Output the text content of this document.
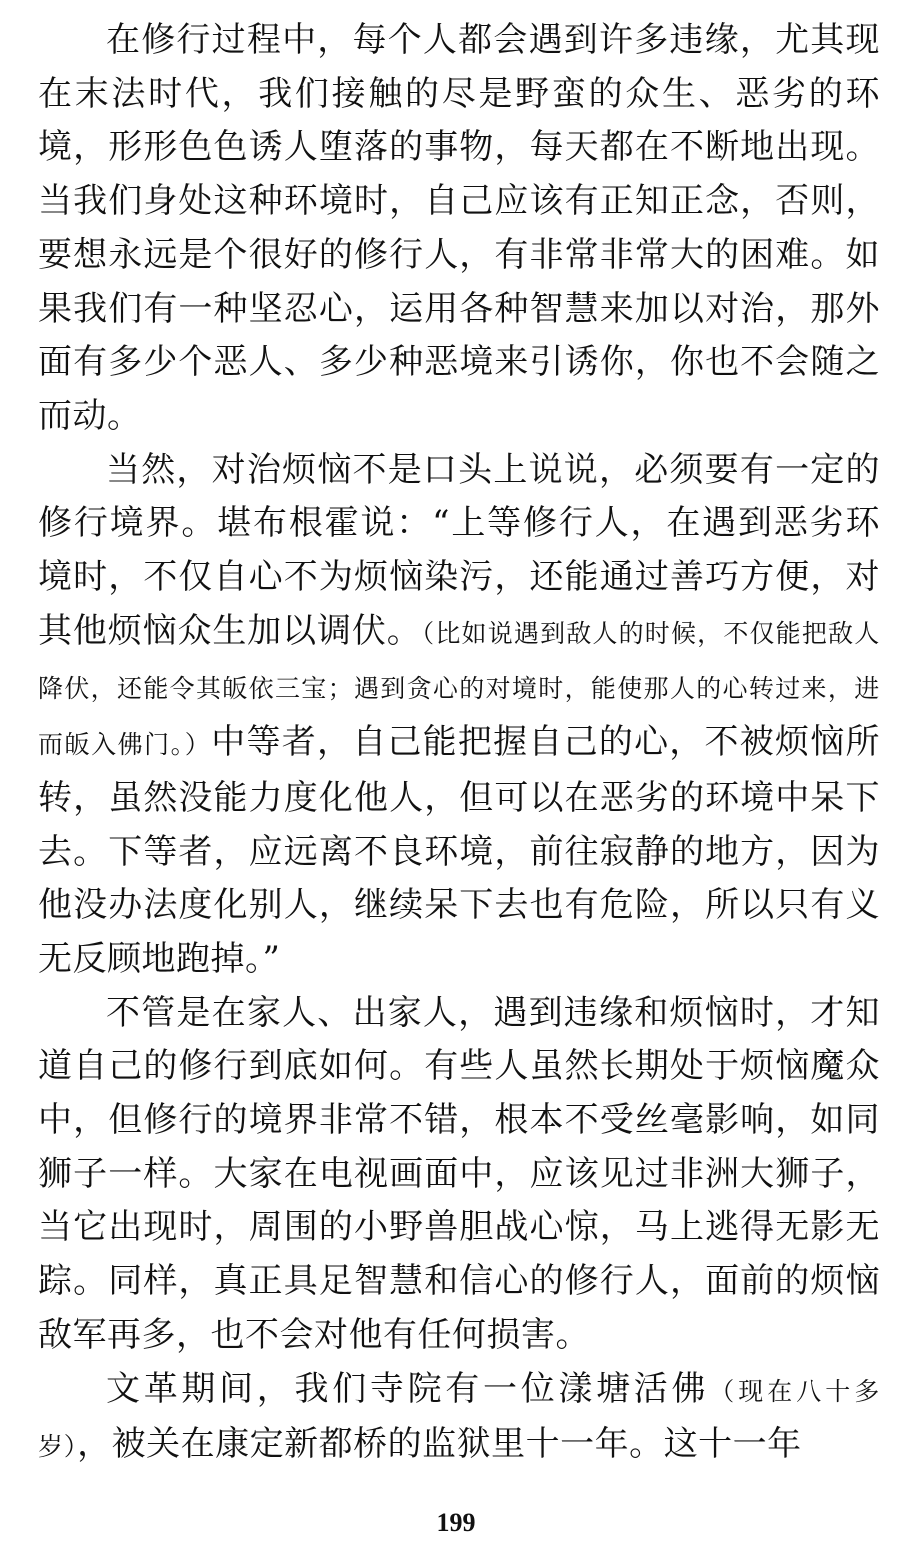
在修行过程中，每个人都会遇到许多违缘，尤其现在末法时代，我们接触的尽是野蛮的众生、恶劣的环境，形形色色诱人堕落的事物，每天都在不断地出现。当我们身处这种环境时，自己应该有正知正念，否则，要想永远是个很好的修行人，有非常非常大的困难。如果我们有一种坚忍心，运用各种智慧来加以对治，那外面有多少个恶人、多少种恶境来引诱你，你也不会随之而动。

当然，对治烦恼不是口头上说说，必须要有一定的修行境界。堪布根霍说：“上等修行人，在遇到恶劣环境时，不仅自心不为烦恼染污，还能通过善巧方便，对其他烦恼众生加以调伏。（比如说遇到敌人的时候，不仅能把敌人降伏，还能令其皈依三宝；遇到贪心的对境时，能使那人的心转过来，进而皈入佛门。）中等者，自己能把握自己的心，不被烦恼所转，虽然没能力度化他人，但可以在恶劣的环境中呆下去。下等者，应远离不良环境，前往寂静的地方，因为他没办法度化别人，继续呆下去也有危险，所以只有义无反顾地跑掉。”

不管是在家人、出家人，遇到违缘和烦恼时，才知道自己的修行到底如何。有些人虽然长期处于烦恼魔众中，但修行的境界非常不错，根本不受丝毫影响，如同狮子一样。大家在电视画面中，应该见过非洲大狮子，当它出现时，周围的小野兽胆战心惊，马上逃得无影无踪。同样，真正具足智慧和信心的修行人，面前的烦恼敌军再多，也不会对他有任何损害。

文革期间，我们寺院有一位漾塘活佛（现在八十多岁），被关在康定新都桥的监狱里十一年。这十一年

199
